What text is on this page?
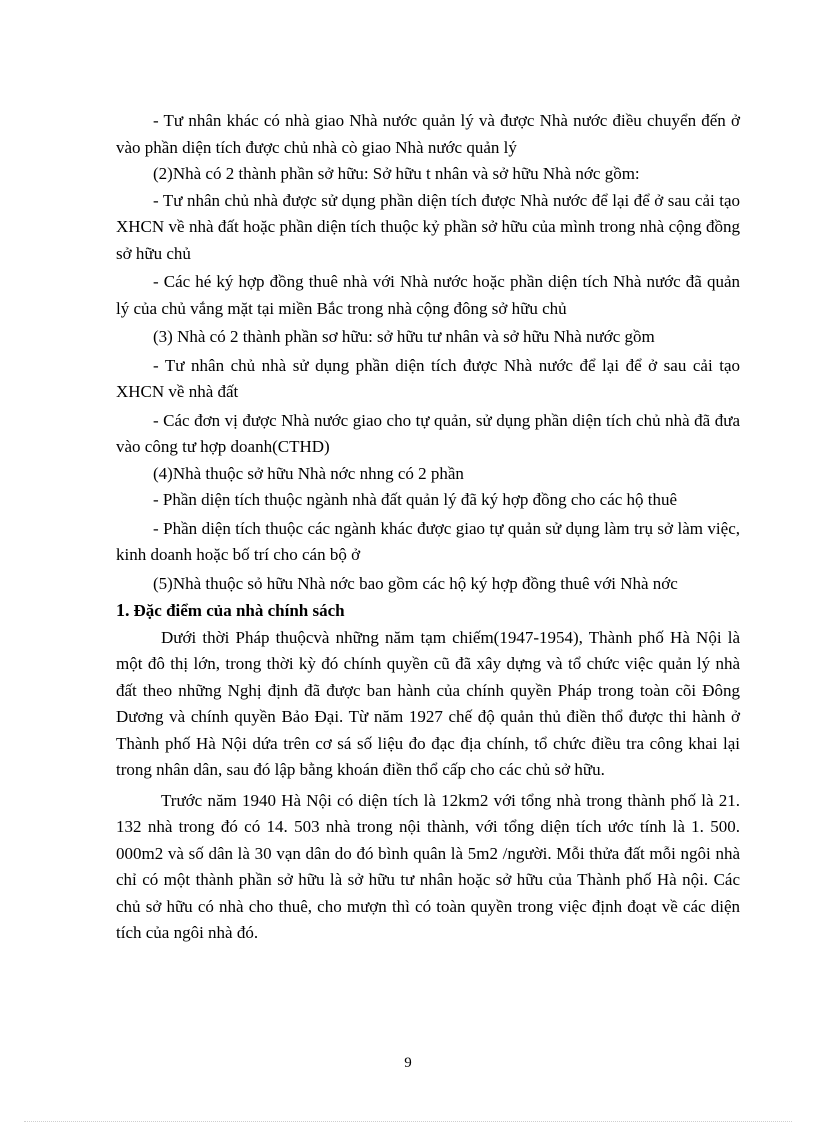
- Tư nhân khác có nhà giao Nhà nước quản lý và được Nhà nước điều chuyển đến ở vào phần diện tích được chủ nhà cò giao Nhà nước quản lý

(2)Nhà có 2 thành phần sở hữu: Sở hữu t nhân và sở hữu Nhà nớc gồm:

- Tư nhân chủ nhà được sử dụng phần diện tích được Nhà nước để lại để ở sau cải tạo XHCN về nhà đất hoặc phần diện tích thuộc kỷ phần sở hữu của mình trong nhà cộng đồng sở hữu chủ

- Các hé ký hợp đồng thuê nhà với Nhà nước hoặc phần diện tích Nhà nước đã quản lý của chủ vắng mặt tại miền Bắc trong nhà cộng đông sở hữu chủ

(3) Nhà có 2 thành phần sơ hữu: sở hữu tư nhân và sở hữu Nhà nước gồm

- Tư nhân chủ nhà sử dụng phần diện tích được Nhà nước để lại để ở sau cải tạo XHCN về nhà đất

- Các đơn vị được Nhà nước giao cho tự quản, sử dụng phần diện tích chủ nhà đã đưa vào công tư hợp doanh(CTHD)

(4)Nhà thuộc sở hữu Nhà nớc nhng có 2 phần

- Phần diện tích thuộc ngành nhà đất quản lý đã ký hợp đồng cho các hộ thuê

- Phần diện tích thuộc các ngành khác được giao tự quản sử dụng làm trụ sở làm việc, kinh doanh hoặc bố trí cho cán bộ ở

(5)Nhà thuộc sỏ hữu Nhà nớc bao gồm các hộ ký hợp đồng thuê với Nhà nớc

1. Đặc điểm của nhà chính sách

Dưới thời Pháp thuộcvà những năm tạm chiếm(1947-1954), Thành phố Hà Nội là một đô thị lớn, trong thời kỳ đó chính quyền cũ đã xây dựng và tổ chức việc quản lý nhà đất theo những Nghị định đã được ban hành của chính quyền Pháp trong toàn cõi Đông Dương và chính quyền Bảo Đại. Từ năm 1927 chế độ quản thủ điền thổ được thi hành ở Thành phố Hà Nội dứa trên cơ sá số liệu đo đạc địa chính, tổ chức điều tra công khai lại trong nhân dân, sau đó lập bằng khoán điền thổ cấp cho các chủ sở hữu.

Trước năm 1940 Hà Nội có diện tích là 12km2 với tổng nhà trong thành phố là 21. 132 nhà trong đó có 14. 503 nhà trong nội thành, với tổng diện tích ước tính là 1. 500. 000m2 và số dân là 30 vạn dân do đó bình quân là 5m2 /người. Mỗi thửa đất mỗi ngôi nhà chỉ có một thành phần sở hữu là sở hữu tư nhân hoặc sở hữu của Thành phố Hà nội. Các chủ sở hữu có nhà cho thuê, cho mượn thì có toàn quyền trong việc định đoạt về các diện tích của ngôi nhà đó.

9
